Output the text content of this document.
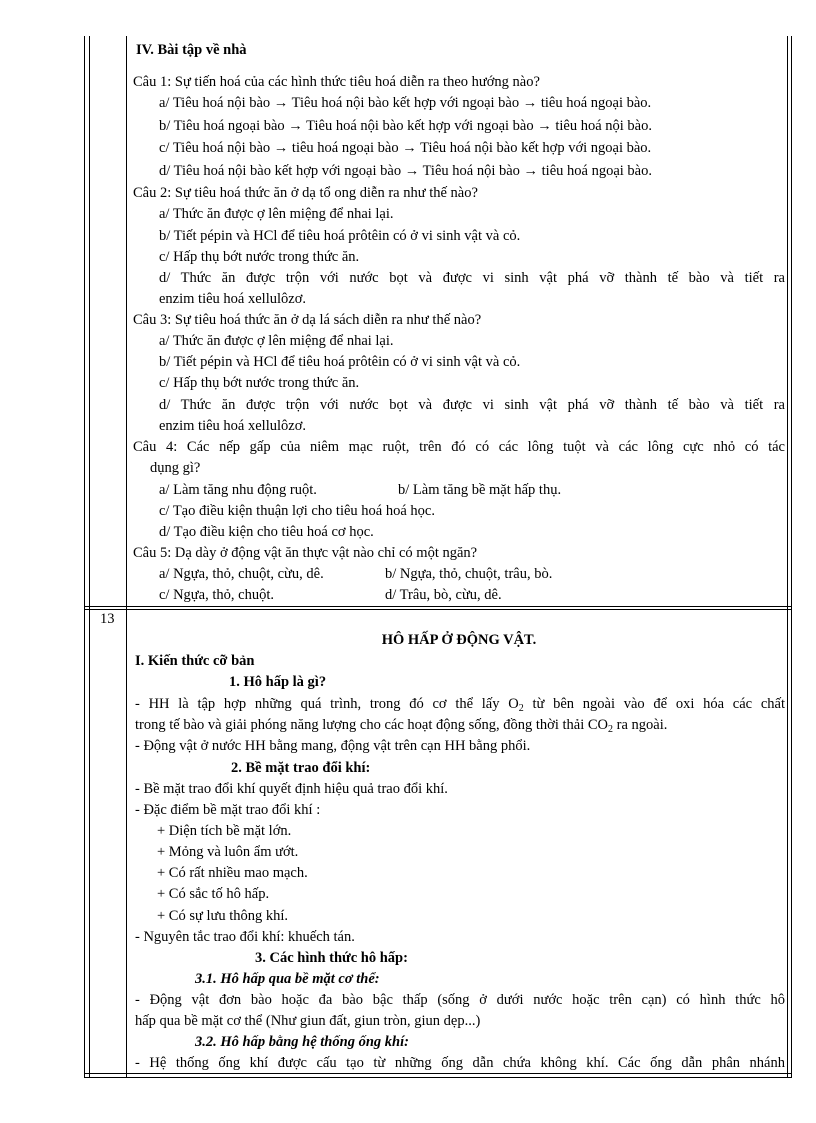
13
IV. Bài tập về nhà
Câu 1: Sự tiến hoá của các hình thức tiêu hoá diễn ra theo hướng nào?
a/ Tiêu hoá nội bào → Tiêu hoá nội bào kết hợp với ngoại bào → tiêu hoá ngoại bào.
b/ Tiêu hoá ngoại bào → Tiêu hoá nội bào kết hợp với ngoại bào → tiêu hoá nội bào.
c/ Tiêu hoá nội bào → tiêu hoá ngoại bào → Tiêu hoá nội bào kết hợp với ngoại bào.
d/ Tiêu hoá nội bào kết hợp với ngoại bào → Tiêu hoá nội bào → tiêu hoá ngoại bào.
Câu 2: Sự tiêu hoá thức ăn ở dạ tổ ong diễn ra như thế nào?
a/ Thức ăn được ợ lên miệng để nhai lại.
b/ Tiết pépin và HCl để tiêu hoá prôtêin có ở vi sinh vật và cỏ.
c/ Hấp thụ bớt nước trong thức ăn.
d/ Thức ăn được trộn với nước bọt và được vi sinh vật phá vỡ thành tế bào và tiết ra
enzim tiêu hoá xellulôzơ.
Câu 3: Sự tiêu hoá thức ăn ở dạ lá sách diễn ra như thế nào?
a/ Thức ăn được ợ lên miệng để nhai lại.
b/ Tiết pépin và HCl để tiêu hoá prôtêin có ở vi sinh vật và cỏ.
c/ Hấp thụ bớt nước trong thức ăn.
d/ Thức ăn được trộn với nước bọt và được vi sinh vật phá vỡ thành tế bào và tiết ra
enzim tiêu hoá xellulôzơ.
Câu 4: Các nếp gấp của niêm mạc ruột, trên đó có các lông tuột và các lông cực nhỏ có tác
dụng gì?
a/ Làm tăng nhu động ruột.	b/ Làm tăng bề mặt hấp thụ.
c/ Tạo điều kiện thuận lợi cho tiêu hoá hoá học.
d/ Tạo điều kiện cho tiêu hoá cơ học.
Câu 5: Dạ dày ở động vật ăn thực vật nào chỉ có một ngăn?
a/ Ngựa, thỏ, chuột, cừu, dê.	b/ Ngựa, thỏ, chuột, trâu, bò.
c/ Ngựa, thỏ, chuột.	d/ Trâu, bò, cừu, dê.
HÔ HẤP Ở ĐỘNG VẬT.
I. Kiến thức cỡ bản
1. Hô hấp là gì?
- HH là tập hợp những quá trình, trong đó cơ thể lấy $O_2$ từ bên ngoài vào để oxi hóa các chất
trong tế bào và giải phóng năng lượng cho các hoạt động sống, đồng thời thải $CO_2$ ra ngoài.
- Động vật ở nước HH bằng mang, động vật trên cạn HH bằng phổi.
2. Bề mặt trao đổi khí:
- Bề mặt trao đổi khí quyết định hiệu quả trao đổi khí.
- Đặc điểm bề mặt trao đổi khí :
+ Diện tích bề mặt lớn.
+ Mỏng và luôn ẩm ướt.
+ Có rất nhiều mao mạch.
+ Có sắc tố hô hấp.
+ Có sự lưu thông khí.
- Nguyên tắc trao đổi khí: khuếch tán.
3. Các hình thức hô hấp:
3.1. Hô hấp qua bề mặt cơ thể:
- Động vật đơn bào hoặc đa bào bậc thấp (sống ở dưới nước hoặc trên cạn) có hình thức hô
hấp qua bề mặt cơ thể (Như giun đất, giun tròn, giun dẹp...)
3.2. Hô hấp bằng hệ thống ống khí:
- Hệ thống ống khí được cấu tạo từ những ống dẫn chứa không khí. Các ống dẫn phân nhánh
